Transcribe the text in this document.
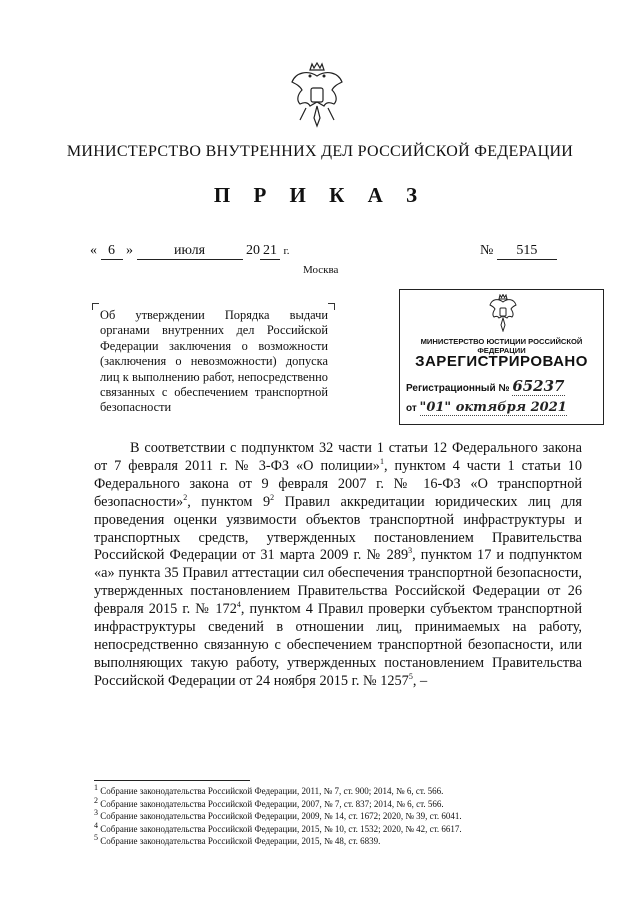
МИНИСТЕРСТВО ВНУТРЕННИХ ДЕЛ РОССИЙСКОЙ ФЕДЕРАЦИИ
П Р И К А З
« 6 »	июля	20 21 г.	№ 515
Москва
Об утверждении Порядка выдачи органами внутренних дел Российской Федерации заключения о возможности (заключения о невозможности) допуска лиц к выполнению работ, непосредственно связанных с обеспечением транспортной безопасности
МИНИСТЕРСТВО ЮСТИЦИИ РОССИЙСКОЙ ФЕДЕРАЦИИ
ЗАРЕГИСТРИРОВАНО
Регистрационный № 65237
от "01" октября 2021

В соответствии с подпунктом 32 части 1 статьи 12 Федерального закона от 7 февраля 2011 г. № 3-ФЗ «О полиции»$^1$, пунктом 4 части 1 статьи 10 Федерального закона от 9 февраля 2007 г. № 16-ФЗ «О транспортной безопасности»$^2$, пунктом $9^2$ Правил аккредитации юридических лиц для проведения оценки уязвимости объектов транспортной инфраструктуры и транспортных средств, утвержденных постановлением Правительства Российской Федерации от 31 марта 2009 г. № $289^3$, пунктом 17 и подпунктом «а» пункта 35 Правил аттестации сил обеспечения транспортной безопасности, утвержденных постановлением Правительства Российской Федерации от 26 февраля 2015 г. № $172^4$, пунктом 4 Правил проверки субъектом транспортной инфраструктуры сведений в отношении лиц, принимаемых на работу, непосредственно связанную с обеспечением транспортной безопасности, или выполняющих такую работу, утвержденных постановлением Правительства Российской Федерации от 24 ноября 2015 г. № 1257$^5$, –

$^1$ Собрание законодательства Российской Федерации, 2011, № 7, ст. 900; 2014, № 6, ст. 566.
$^2$ Собрание законодательства Российской Федерации, 2007, № 7, ст. 837; 2014, № 6, ст. 566.
$^3$ Собрание законодательства Российской Федерации, 2009, № 14, ст. 1672; 2020, № 39, ст. 6041.
$^4$ Собрание законодательства Российской Федерации, 2015, № 10, ст. 1532; 2020, № 42, ст. 6617.
$^5$ Собрание законодательства Российской Федерации, 2015, № 48, ст. 6839.
